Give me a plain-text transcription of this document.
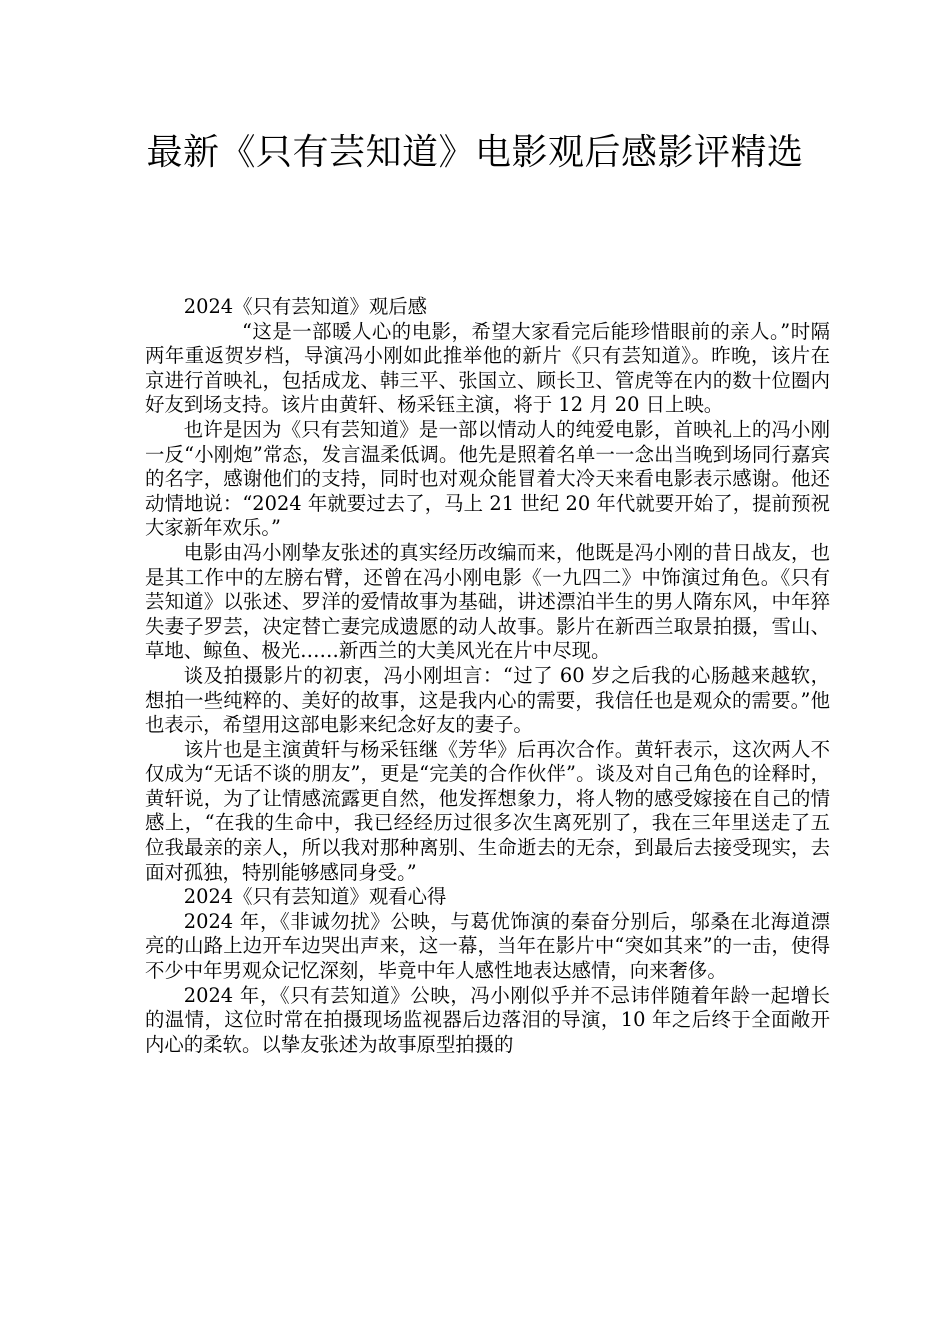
最新《只有芸知道》电影观后感影评精选

2024《只有芸知道》观后感

“这是一部暖人心的电影，希望大家看完后能珍惜眼前的亲人。”时隔两年重返贺岁档，导演冯小刚如此推举他的新片《只有芸知道》。昨晚，该片在京进行首映礼，包括成龙、韩三平、张国立、顾长卫、管虎等在内的数十位圈内好友到场支持。该片由黄轩、杨采钰主演，将于 12 月 20 日上映。

也许是因为《只有芸知道》是一部以情动人的纯爱电影，首映礼上的冯小刚一反“小刚炮”常态，发言温柔低调。他先是照着名单一一念出当晚到场同行嘉宾的名字，感谢他们的支持，同时也对观众能冒着大冷天来看电影表示感谢。他还动情地说：“2024 年就要过去了，马上 21 世纪 20 年代就要开始了，提前预祝大家新年欢乐。”

电影由冯小刚挚友张述的真实经历改编而来，他既是冯小刚的昔日战友，也是其工作中的左膀右臂，还曾在冯小刚电影《一九四二》中饰演过角色。《只有芸知道》以张述、罗洋的爱情故事为基础，讲述漂泊半生的男人隋东风，中年猝失妻子罗芸，决定替亡妻完成遗愿的动人故事。影片在新西兰取景拍摄，雪山、草地、鲸鱼、极光……新西兰的大美风光在片中尽现。

谈及拍摄影片的初衷，冯小刚坦言：“过了 60 岁之后我的心肠越来越软，想拍一些纯粹的、美好的故事，这是我内心的需要，我信任也是观众的需要。”他也表示，希望用这部电影来纪念好友的妻子。

该片也是主演黄轩与杨采钰继《芳华》后再次合作。黄轩表示，这次两人不仅成为“无话不谈的朋友”，更是“完美的合作伙伴”。谈及对自己角色的诠释时，黄轩说，为了让情感流露更自然，他发挥想象力，将人物的感受嫁接在自己的情感上，“在我的生命中，我已经经历过很多次生离死别了，我在三年里送走了五位我最亲的亲人，所以我对那种离别、生命逝去的无奈，到最后去接受现实，去面对孤独，特别能够感同身受。”

2024《只有芸知道》观看心得

2024 年，《非诚勿扰》公映，与葛优饰演的秦奋分别后，邬桑在北海道漂亮的山路上边开车边哭出声来，这一幕，当年在影片中“突如其来”的一击，使得不少中年男观众记忆深刻，毕竟中年人感性地表达感情，向来奢侈。

2024 年，《只有芸知道》公映，冯小刚似乎并不忌讳伴随着年龄一起增长的温情，这位时常在拍摄现场监视器后边落泪的导演，10 年之后终于全面敞开内心的柔软。以挚友张述为故事原型拍摄的
